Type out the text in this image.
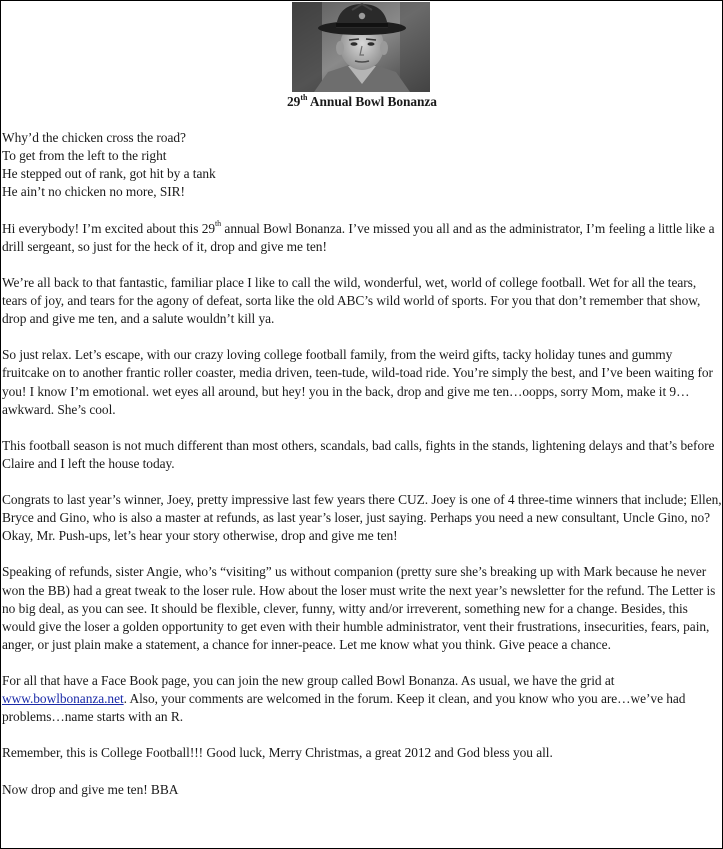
29th Annual Bowl Bonanza
Why’d the chicken cross the road?
To get from the left to the right
He stepped out of rank, got hit by a tank
He ain’t no chicken no more, SIR!

Hi everybody! I’m excited about this 29th annual Bowl Bonanza. I’ve missed you all and as the administrator, I’m feeling a little like a drill sergeant, so just for the heck of it, drop and give me ten!

We’re all back to that fantastic, familiar place I like to call the wild, wonderful, wet, world of college football. Wet for all the tears, tears of joy, and tears for the agony of defeat, sorta like the old ABC’s wild world of sports. For you that don’t remember that show, drop and give me ten, and a salute wouldn’t kill ya.

So just relax. Let’s escape, with our crazy loving college football family, from the weird gifts, tacky holiday tunes and gummy fruitcake on to another frantic roller coaster, media driven, teen-tude, wild-toad ride. You’re simply the best, and I’ve been waiting for you! I know I’m emotional. wet eyes all around, but hey! you in the back, drop and give me ten…oopps, sorry Mom, make it 9…awkward. She’s cool.

This football season is not much different than most others, scandals, bad calls, fights in the stands, lightening delays and that’s before Claire and I left the house today.

Congrats to last year’s winner, Joey, pretty impressive last few years there CUZ. Joey is one of 4 three-time winners that include; Ellen, Bryce and Gino, who is also a master at refunds, as last year’s loser, just saying. Perhaps you need a new consultant, Uncle Gino, no? Okay, Mr. Push-ups, let’s hear your story otherwise, drop and give me ten!

Speaking of refunds, sister Angie, who’s “visiting” us without companion (pretty sure she’s breaking up with Mark because he never won the BB) had a great tweak to the loser rule. How about the loser must write the next year’s newsletter for the refund. The Letter is no big deal, as you can see. It should be flexible, clever, funny, witty and/or irreverent, something new for a change. Besides, this would give the loser a golden opportunity to get even with their humble administrator, vent their frustrations, insecurities, fears, pain, anger, or just plain make a statement, a chance for inner-peace. Let me know what you think. Give peace a chance.

For all that have a Face Book page, you can join the new group called Bowl Bonanza. As usual, we have the grid at www.bowlbonanza.net. Also, your comments are welcomed in the forum. Keep it clean, and you know who you are…we’ve had problems…name starts with an R.

Remember, this is College Football!!! Good luck, Merry Christmas, a great 2012 and God bless you all.

Now drop and give me ten! BBA
